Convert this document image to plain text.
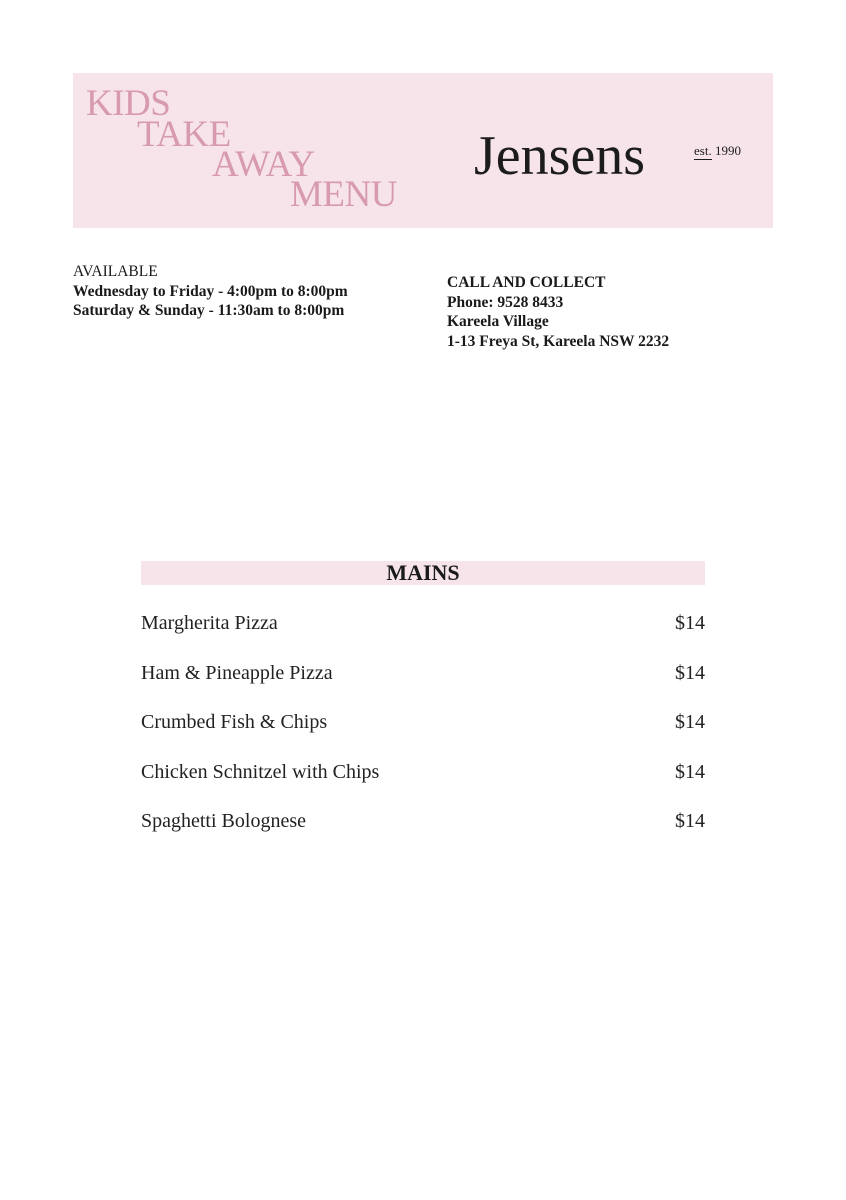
KIDS
TAKE
AWAY
MENU
Jensens	est. 1990
AVAILABLE
Wednesday to Friday - 4:00pm to 8:00pm
Saturday & Sunday - 11:30am to 8:00pm
CALL AND COLLECT
Phone: 9528 8433
Kareela Village
1-13 Freya St, Kareela NSW 2232
MAINS
Margherita Pizza	$14
Ham & Pineapple Pizza	$14
Crumbed Fish & Chips	$14
Chicken Schnitzel with Chips	$14
Spaghetti Bolognese	$14
